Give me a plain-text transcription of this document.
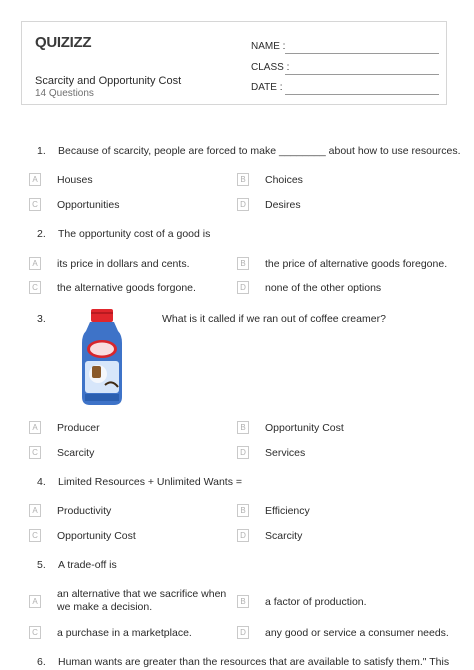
QUIZIZZ
Scarcity and Opportunity Cost
14 Questions
NAME :
CLASS :
DATE :
1. Because of scarcity, people are forced to make ________ about how to use resources.
A	Houses	B	Choices
C Opportunities	D Desires
2. The opportunity cost of a good is
A	its price in dollars and cents.	B	the price of alternative goods foregone.
C the alternative goods forgone.	D none of the other options
3.	What is it called if we ran out of coffee creamer?
A	Producer	B	Opportunity Cost
C Scarcity	D Services
4. Limited Resources + Unlimited Wants =
A	Productivity	B	Efficiency
C Opportunity Cost	D Scarcity
5. A trade-off is
A
an alternative that we sacrifice when we make a decision.	B	a factor of production.
C a purchase in a marketplace.	D any good or service a consumer needs.
6. Human wants are greater than the resources that are available to satisfy them." This
